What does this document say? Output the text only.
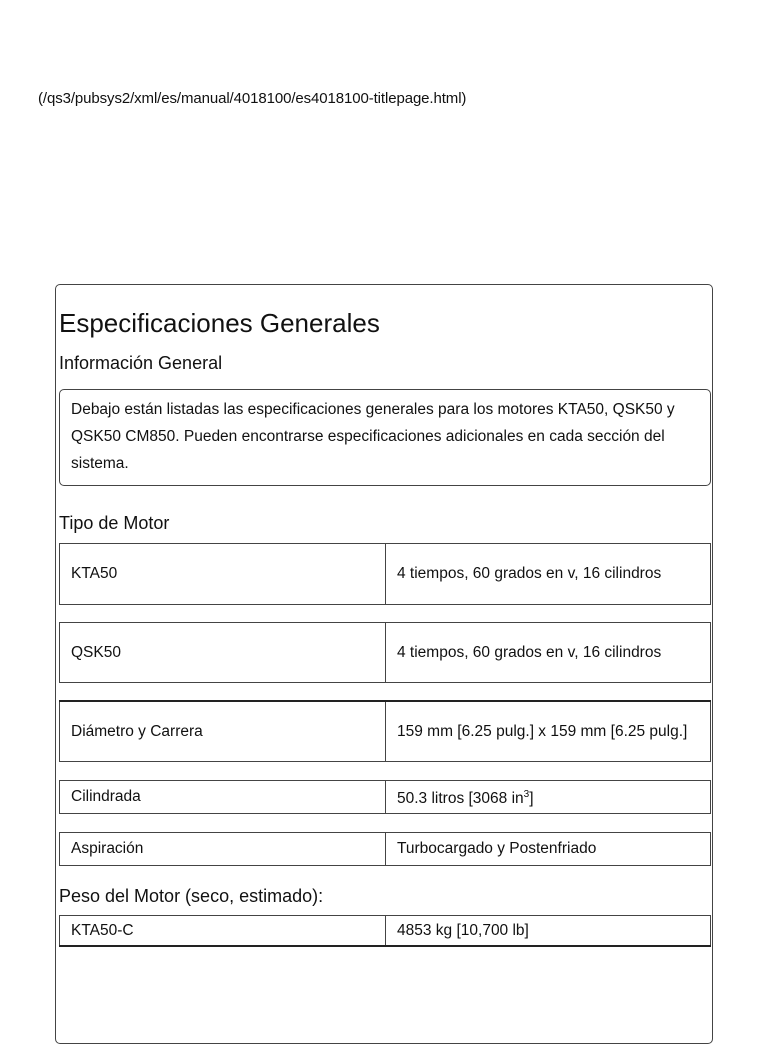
(/qs3/pubsys2/xml/es/manual/4018100/es4018100-titlepage.html)
Especificaciones Generales
Información General
Debajo están listadas las especificaciones generales para los motores KTA50, QSK50 y QSK50 CM850. Pueden encontrarse especificaciones adicionales en cada sección del sistema.
Tipo de Motor
KTA50	4 tiempos, 60 grados en v, 16 cilindros
QSK50	4 tiempos, 60 grados en v, 16 cilindros
Diámetro y Carrera	159 mm [6.25 pulg.] x 159 mm [6.25 pulg.]
Cilindrada	50.3 litros [3068 $in^3$]
Aspiración	Turbocargado y Postenfriado
Peso del Motor (seco, estimado):
KTA50-C	4853 kg [10,700 lb]
